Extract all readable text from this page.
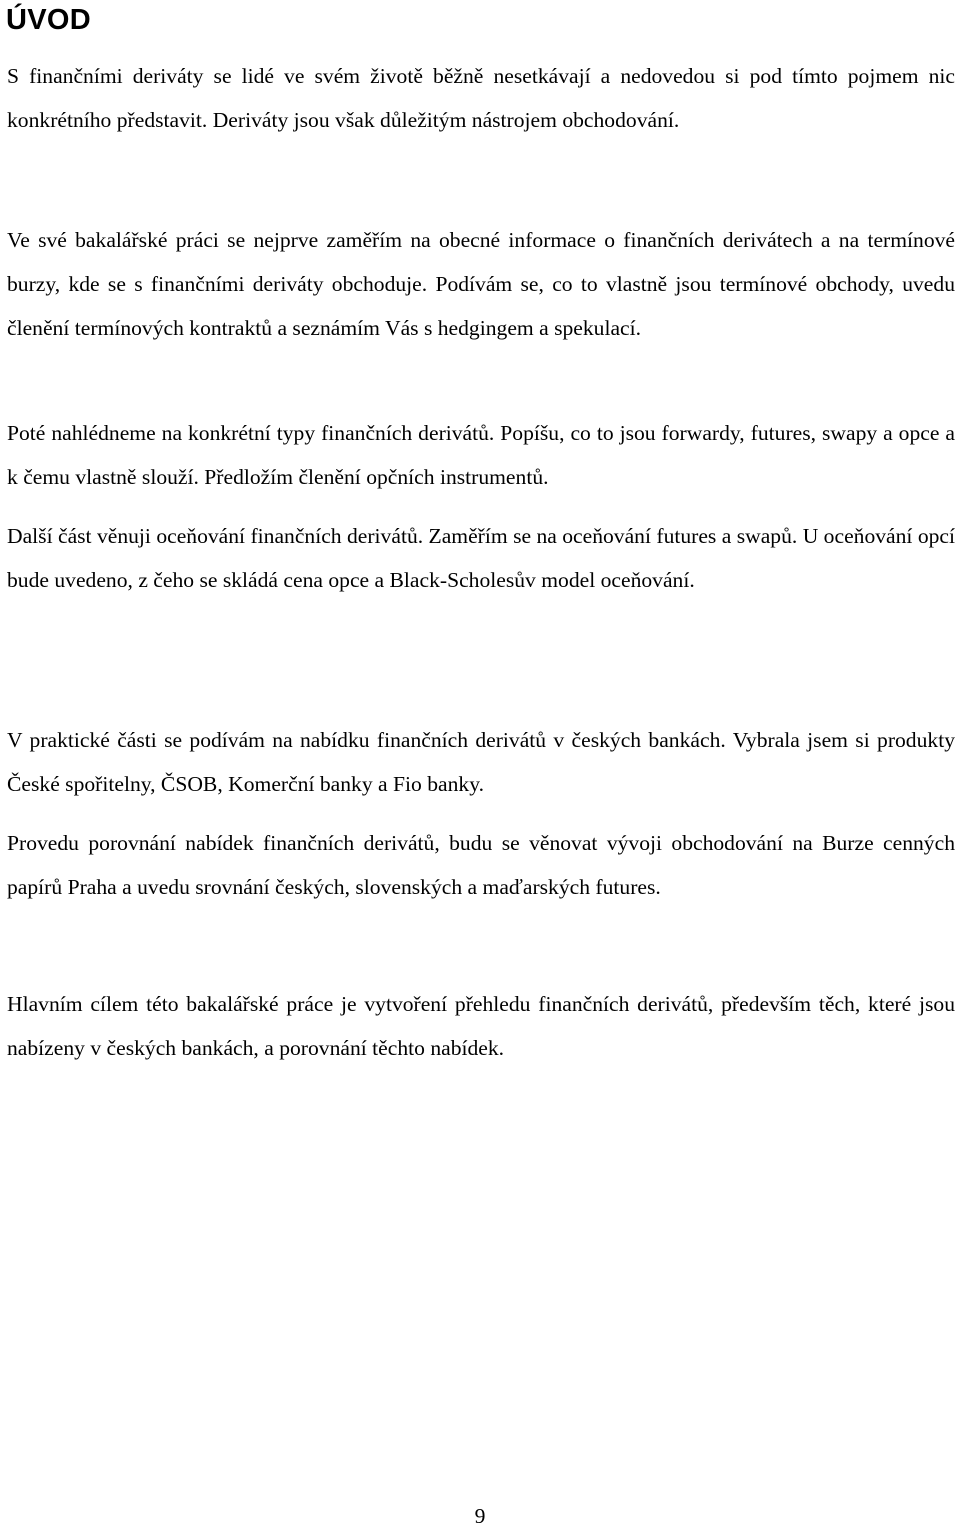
ÚVOD

S finančními deriváty se lidé ve svém životě běžně nesetkávají a nedovedou si pod tímto pojmem nic konkrétního představit. Deriváty jsou však důležitým nástrojem obchodování.

Ve své bakalářské práci se nejprve zaměřím na obecné informace o finančních derivátech a na termínové burzy, kde se s finančními deriváty obchoduje. Podívám se, co to vlastně jsou termínové obchody, uvedu členění termínových kontraktů a seznámím Vás s hedgingem a spekulací.

Poté nahlédneme na konkrétní typy finančních derivátů. Popíšu, co to jsou forwardy, futures, swapy a opce a k čemu vlastně slouží. Předložím členění opčních instrumentů.

Další část věnuji oceňování finančních derivátů. Zaměřím se na oceňování futures a swapů. U oceňování opcí bude uvedeno, z čeho se skládá cena opce a Black-Scholesův model oceňování.

V praktické části se podívám na nabídku finančních derivátů v českých bankách. Vybrala jsem si produkty České spořitelny, ČSOB, Komerční banky a Fio banky.

Provedu porovnání nabídek finančních derivátů, budu se věnovat vývoji obchodování na Burze cenných papírů Praha a uvedu srovnání českých, slovenských a maďarských futures.

Hlavním cílem této bakalářské práce je vytvoření přehledu finančních derivátů, především těch, které jsou nabízeny v českých bankách, a porovnání těchto nabídek.

9
